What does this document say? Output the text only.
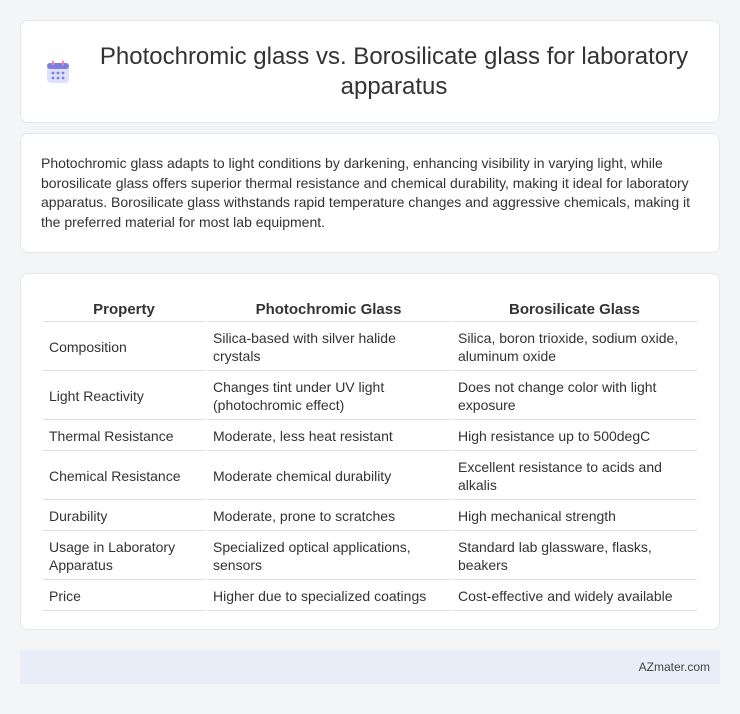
Photochromic glass vs. Borosilicate glass for laboratory apparatus

Photochromic glass adapts to light conditions by darkening, enhancing visibility in varying light, while borosilicate glass offers superior thermal resistance and chemical durability, making it ideal for laboratory apparatus. Borosilicate glass withstands rapid temperature changes and aggressive chemicals, making it the preferred material for most lab equipment.

Property	Photochromic Glass	Borosilicate Glass
Composition	Silica-based with silver halide crystals	Silica, boron trioxide, sodium oxide, aluminum oxide
Light Reactivity	Changes tint under UV light (photochromic effect)	Does not change color with light exposure
Thermal Resistance	Moderate, less heat resistant	High resistance up to 500degC
Chemical Resistance	Moderate chemical durability	Excellent resistance to acids and alkalis
Durability	Moderate, prone to scratches	High mechanical strength
Usage in Laboratory Apparatus	Specialized optical applications, sensors	Standard lab glassware, flasks, beakers
Price	Higher due to specialized coatings	Cost-effective and widely available
AZmater.com
